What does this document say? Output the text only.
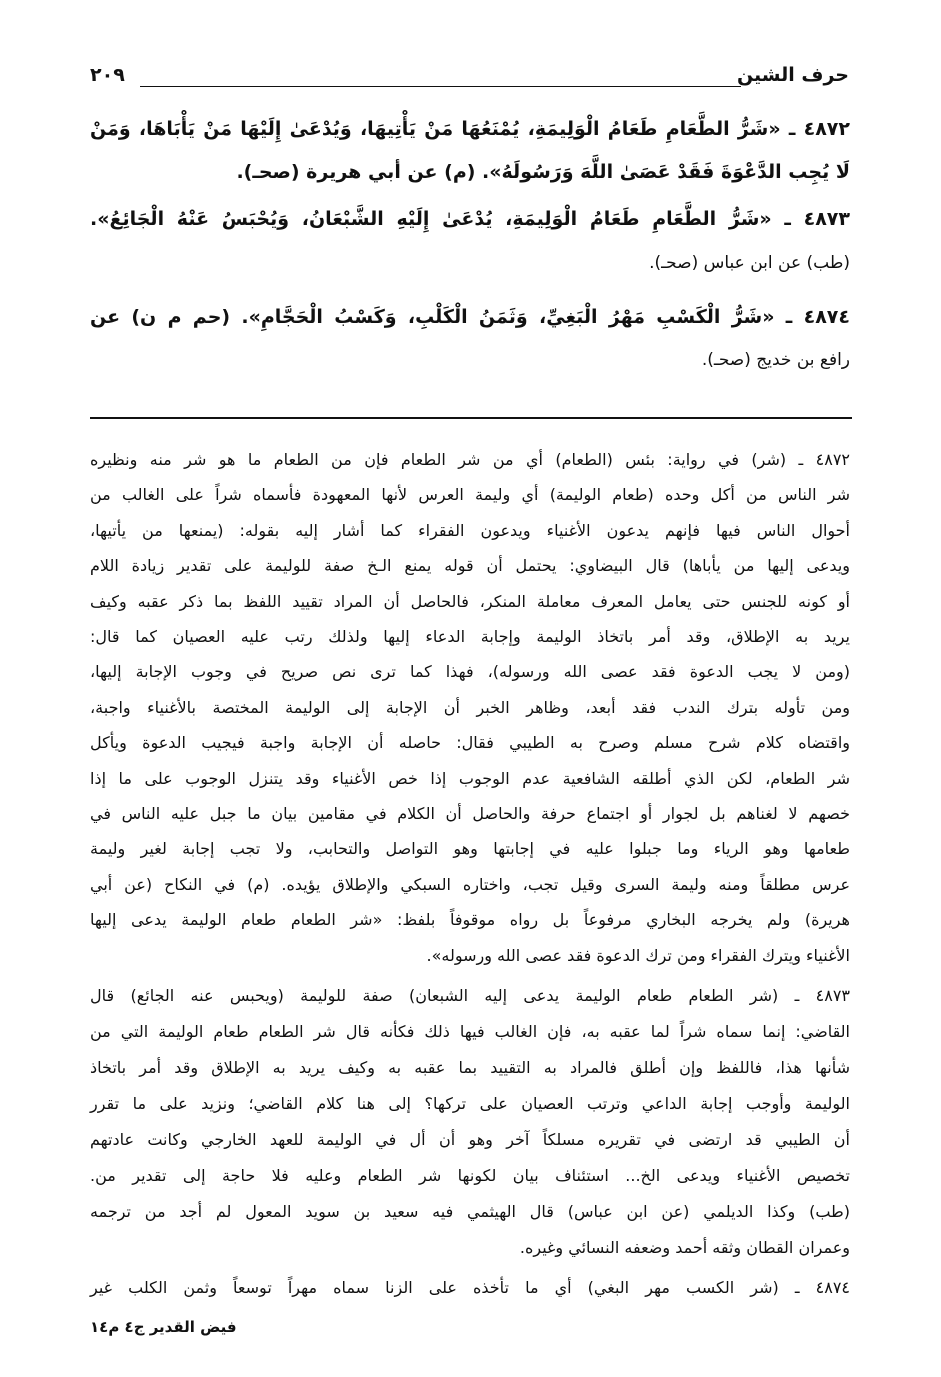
حرف الشين
٢٠٩
٤٨٧٢ ـ «شَرُّ الطَّعَامِ طَعَامُ الْوَلِيمَةِ، يُمْنَعُهَا مَنْ يَأْتِيهَا، وَيُدْعَىٰ إِلَيْهَا مَنْ يَأْبَاهَا، وَمَنْ
لَا يُجِب الدَّعْوَةَ فَقَدْ عَصَىٰ اللَّهَ وَرَسُولَهُ». (م) عن أبي هريرة (صحـ).
٤٨٧٣ ـ «شَرُّ الطَّعَامِ طَعَامُ الْوَلِيمَةِ، يُدْعَىٰ إِلَيْهِ الشَّبْعَانُ، وَيُحْبَسُ عَنْهُ الْجَائِعُ».
(طب) عن ابن عباس (صحـ).
٤٨٧٤ ـ «شَرُّ الْكَسْبِ مَهْرُ الْبَغِيِّ، وَثَمَنُ الْكَلْبِ، وَكَسْبُ الْحَجَّامِ». (حم م ن) عن
رافع بن خديج (صحـ).
٤٨٧٢ ـ (شر) في رواية: بئس (الطعام) أي من شر الطعام فإن من الطعام ما هو شر منه ونظيره
شر الناس من أكل وحده (طعام الوليمة) أي وليمة العرس لأنها المعهودة فأسماه شراً على الغالب من
أحوال الناس فيها فإنهم يدعون الأغنياء ويدعون الفقراء كما أشار إليه بقوله: (يمنعها من يأتيها،
ويدعى إليها من يأباها) قال البيضاوي: يحتمل أن قوله يمنع الـخ صفة للوليمة على تقدير زيادة اللام
أو كونه للجنس حتى يعامل المعرف معاملة المنكر، فالحاصل أن المراد تقييد اللفظ بما ذكر عقبه وكيف
يريد به الإطلاق، وقد أمر باتخاذ الوليمة وإجابة الدعاء إليها ولذلك رتب عليه العصيان كما قال:
(ومن لا يجب الدعوة فقد عصى الله ورسوله)، فهذا كما ترى نص صريح في وجوب الإجابة إليها،
ومن تأوله بترك الندب فقد أبعد، وظاهر الخبر أن الإجابة إلى الوليمة المختصة بالأغنياء واجبة،
واقتضاه كلام شرح مسلم وصرح به الطيبي فقال: حاصله أن الإجابة واجبة فيجيب الدعوة ويأكل
شر الطعام، لكن الذي أطلقه الشافعية عدم الوجوب إذا خص الأغنياء وقد يتنزل الوجوب على ما إذا
خصهم لا لغناهم بل لجوار أو اجتماع حرفة والحاصل أن الكلام في مقامين بيان ما جبل عليه الناس في
طعامها وهو الرياء وما جبلوا عليه في إجابتها وهو التواصل والتحابب، ولا تجب إجابة لغير وليمة
عرس مطلقاً ومنه وليمة السرى وقيل تجب، واختاره السبكي والإطلاق يؤيده. (م) في النكاح (عن أبي
هريرة) ولم يخرجه البخاري مرفوعاً بل رواه موقوفاً بلفظ: «شر الطعام طعام الوليمة يدعى إليها
الأغنياء ويترك الفقراء ومن ترك الدعوة فقد عصى الله ورسوله».
٤٨٧٣ ـ (شر الطعام طعام الوليمة يدعى إليه الشبعان) صفة للوليمة (ويحبس عنه الجائع) قال
القاضي: إنما سماه شراً لما عقبه به، فإن الغالب فيها ذلك فكأنه قال شر الطعام طعام الوليمة التي من
شأنها هذا، فاللفظ وإن أطلق فالمراد به التقييد بما عقبه به وكيف يريد به الإطلاق وقد أمر باتخاذ
الوليمة وأوجب إجابة الداعي وترتب العصيان على تركها؟ إلى هنا كلام القاضي؛ ونزيد على ما تقرر
أن الطيبي قد ارتضى في تقريره مسلكاً آخر وهو أن أل في الوليمة للعهد الخارجي وكانت عادتهم
تخصيص الأغنياء ويدعى الخ... استئناف بيان لكونها شر الطعام وعليه فلا حاجة إلى تقدير من.
(طب) وكذا الديلمي (عن ابن عباس) قال الهيثمي فيه سعيد بن سويد المعول لم أجد من ترجمه
وعمران القطان وثقه أحمد وضعفه النسائي وغيره.
٤٨٧٤ ـ (شر الكسب مهر البغي) أي ما تأخذه على الزنا سماه مهراً توسعاً وثمن الكلب غير
فيض القدير ج٤ م١٤
